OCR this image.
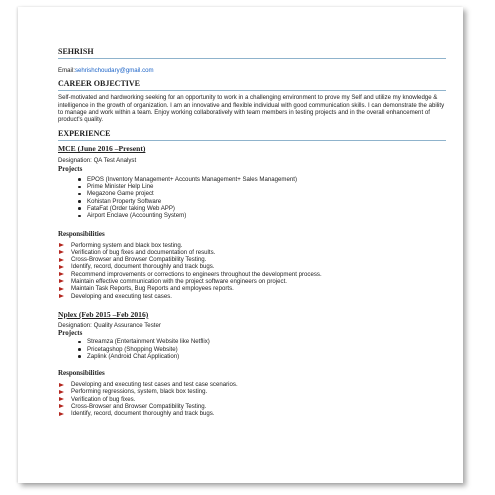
SEHRISH
Email:sehrishchoudary@gmail.com
CAREER OBJECTIVE
Self-motivated and hardworking seeking for an opportunity to work in a challenging environment to prove my Self and utilize my knowledge & intelligence in the growth of organization. I am an innovative and flexible individual with good communication skills. I can demonstrate the ability to manage and work within a team. Enjoy working collaboratively with team members in testing projects and in the overall enhancement of product's quality.
EXPERIENCE
MCE (June 2016 –Present)
Designation: QA Test Analyst
Projects
EPOS (Inventory Management+ Accounts Management+ Sales Management)
Prime Minister Help Line
Megazone Game project
Kohistan Property Software
FataFat (Order taking Web APP)
Airport Enclave (Accounting System)
Responsibilities
Performing system and black box testing.
Verification of bug fixes and documentation of results.
Cross-Browser and Browser Compatibility Testing.
Identify, record, document thoroughly and track bugs.
Recommend improvements or corrections to engineers throughout the development process.
Maintain effective communication with the project software engineers on project.
Maintain Task Reports, Bug Reports and employees reports.
Developing and executing test cases.
Nplex (Feb 2015 –Feb 2016)
Designation: Quality Assurance Tester
Projects
Streamza (Entertainment Website like Netflix)
Pricetagshop (Shopping Website)
Zaplink (Android Chat Application)
Responsibilities
Developing and executing test cases and test case scenarios.
Performing regressions, system, black box testing.
Verification of bug fixes.
Cross-Browser and Browser Compatibility Testing.
Identify, record, document thoroughly and track bugs.
